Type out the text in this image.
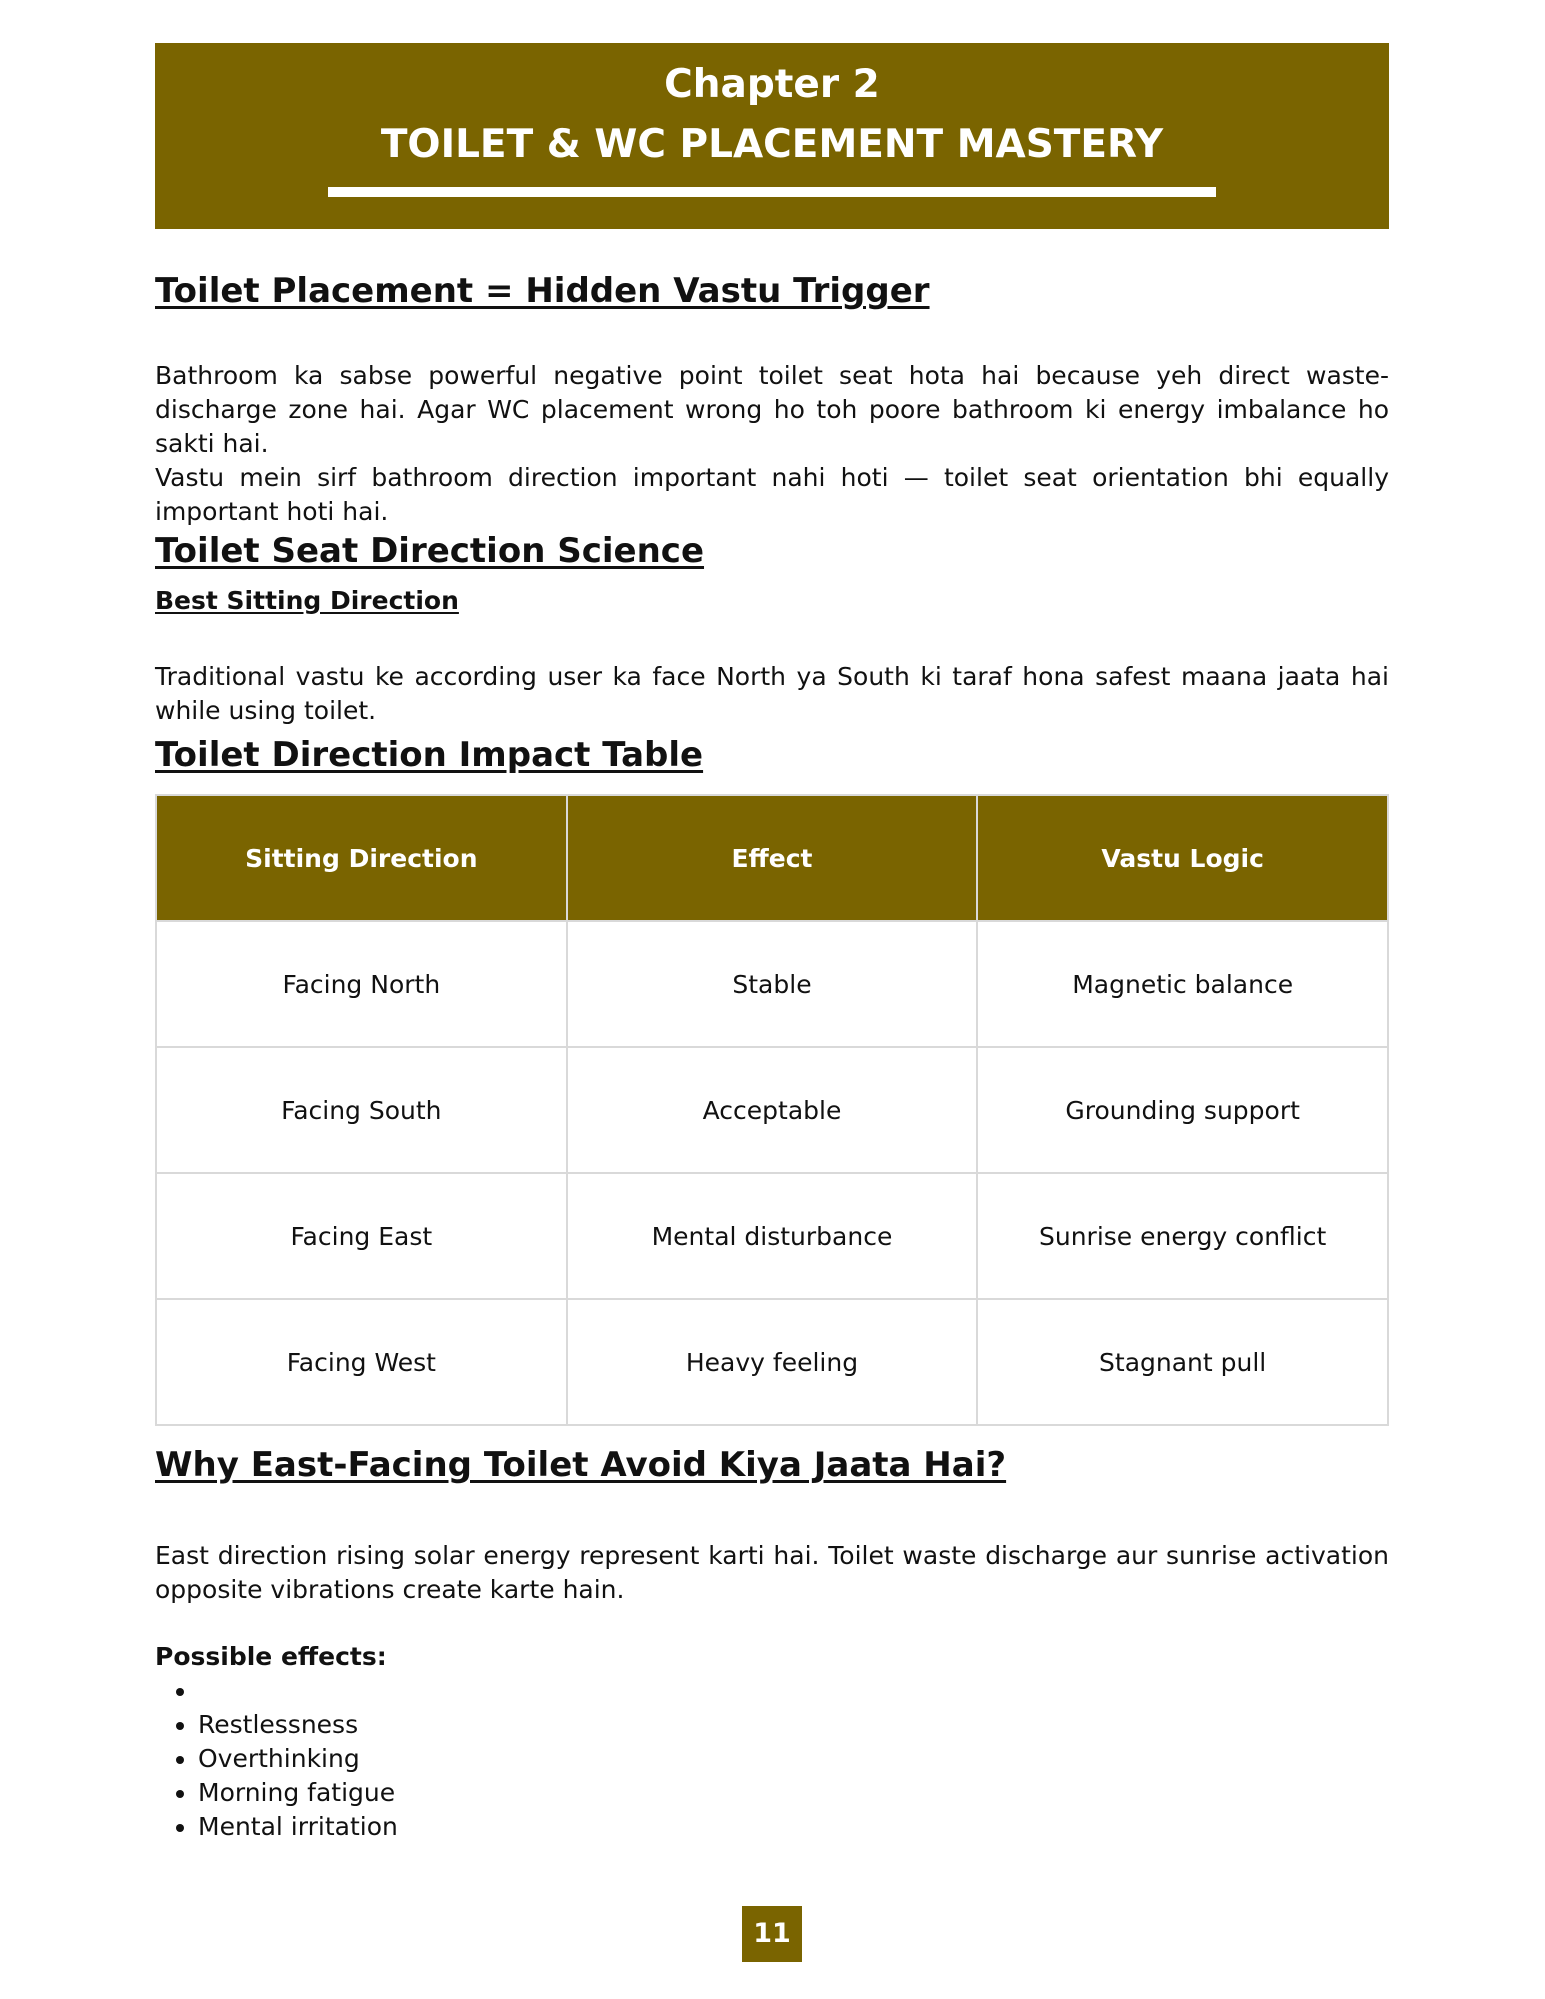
Chapter 2
TOILET & WC PLACEMENT MASTERY
Toilet Placement = Hidden Vastu Trigger

Bathroom ka sabse powerful negative point toilet seat hota hai because yeh direct waste-discharge zone hai. Agar WC placement wrong ho toh poore bathroom ki energy imbalance ho sakti hai.

Vastu mein sirf bathroom direction important nahi hoti — toilet seat orientation bhi equally important hoti hai.

Toilet Seat Direction Science
Best Sitting Direction

Traditional vastu ke according user ka face North ya South ki taraf hona safest maana jaata hai while using toilet.

Toilet Direction Impact Table
Sitting Direction	Effect	Vastu Logic
Facing North	Stable	Magnetic balance
Facing South	Acceptable	Grounding support
Facing East	Mental disturbance	Sunrise energy conflict
Facing West	Heavy feeling	Stagnant pull
Why East-Facing Toilet Avoid Kiya Jaata Hai?

East direction rising solar energy represent karti hai. Toilet waste discharge aur sunrise activation opposite vibrations create karte hain.

Possible effects:
•
• Restlessness
• Overthinking
• Morning fatigue
• Mental irritation
11
